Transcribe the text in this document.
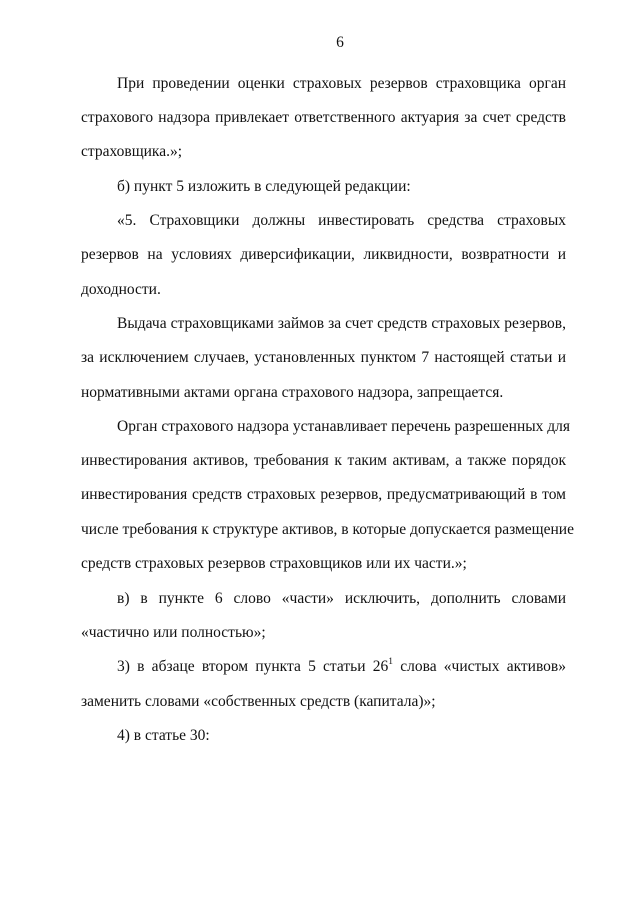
6
При проведении оценки страховых резервов страховщика орган
страхового надзора привлекает ответственного актуария за счет средств
страховщика.»;
б) пункт 5 изложить в следующей редакции:
«5. Страховщики должны инвестировать средства страховых
резервов на условиях диверсификации, ликвидности, возвратности и
доходности.
Выдача страховщиками займов за счет средств страховых резервов,
за исключением случаев, установленных пунктом 7 настоящей статьи и
нормативными актами органа страхового надзора, запрещается.
Орган страхового надзора устанавливает перечень разрешенных для
инвестирования активов, требования к таким активам, а также порядок
инвестирования средств страховых резервов, предусматривающий в том
числе требования к структуре активов, в которые допускается размещение
средств страховых резервов страховщиков или их части.»;
в) в пункте 6 слово «части» исключить, дополнить словами
«частично или полностью»;
3) в абзаце втором пункта 5 статьи $26^1$ слова «чистых активов»
заменить словами «собственных средств (капитала)»;
4) в статье 30:
